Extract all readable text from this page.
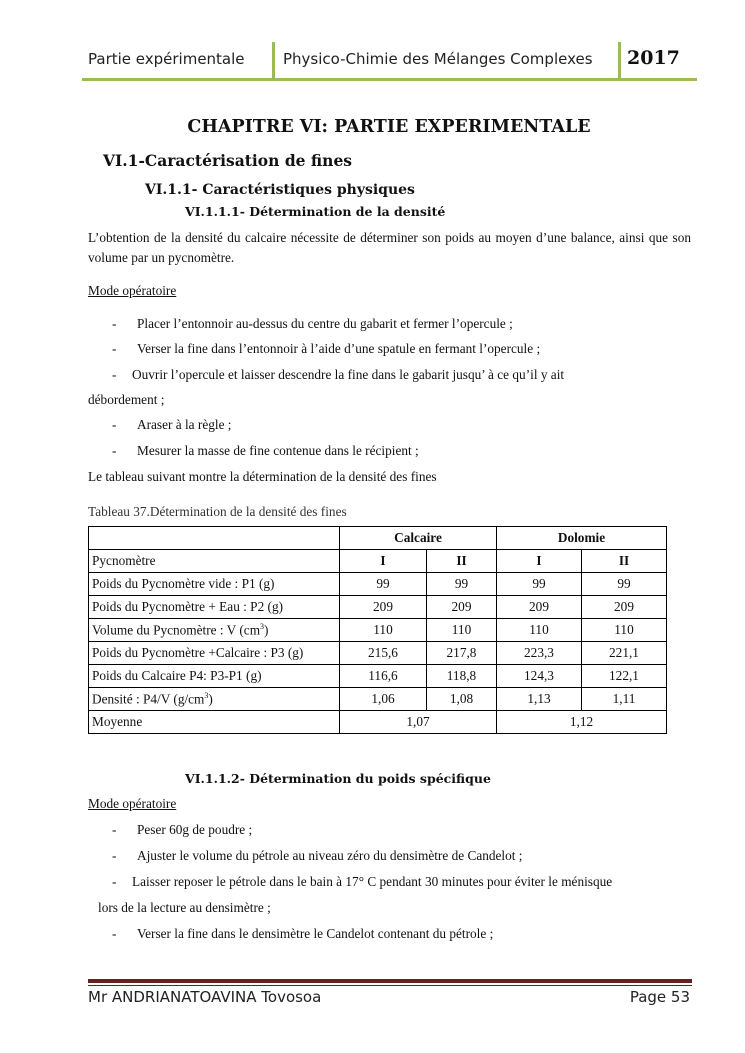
Partie expérimentale	Physico-Chimie des Mélanges Complexes 2017
CHAPITRE VI: PARTIE EXPERIMENTALE
VI.1-Caractérisation de fines
VI.1.1- Caractéristiques physiques
VI.1.1.1- Détermination de la densité
L’obtention de la densité du calcaire nécessite de déterminer son poids au moyen d’une balance, ainsi que son volume par un pycnomètre.
Mode opératoire
- Placer l’entonnoir au-dessus du centre du gabarit et fermer l’opercule ;
- Verser la fine dans l’entonnoir à l’aide d’une spatule en fermant l’opercule ;
- Ouvrir l’opercule et laisser descendre la fine dans le gabarit jusqu’ à ce qu’il y ait
débordement ;
- Araser à la règle ;
- Mesurer la masse de fine contenue dans le récipient ;
Le tableau suivant montre la détermination de la densité des fines
Tableau 37.Détermination de la densité des fines
	Calcaire		Dolomie	
Pycnomètre	I	II	I	II
Poids du Pycnomètre vide : P1 (g)	99	99	99	99
Poids du Pycnomètre + Eau : P2 (g)	209	209	209	209
Volume du Pycnomètre : V $(cm^3)$	110	110	110	110
Poids du Pycnomètre +Calcaire : P3 (g)	215,6	217,8	223,3	221,1
Poids du Calcaire P4: P3-P1 (g)	116,6	118,8	124,3	122,1
Densité : P4/V $(g/cm^3)$	1,06	1,08	1,13	1,11
Moyenne	1,07		1,12	
VI.1.1.2- Détermination du poids spécifique
Mode opératoire
- Peser 60g de poudre ;
- Ajuster le volume du pétrole au niveau zéro du densimètre de Candelot ;
- Laisser reposer le pétrole dans le bain à 17° C pendant 30 minutes pour éviter le ménisque
lors de la lecture au densimètre ;
- Verser la fine dans le densimètre le Candelot contenant du pétrole ;
Mr ANDRIANATOAVINA Tovosoa	Page 53
